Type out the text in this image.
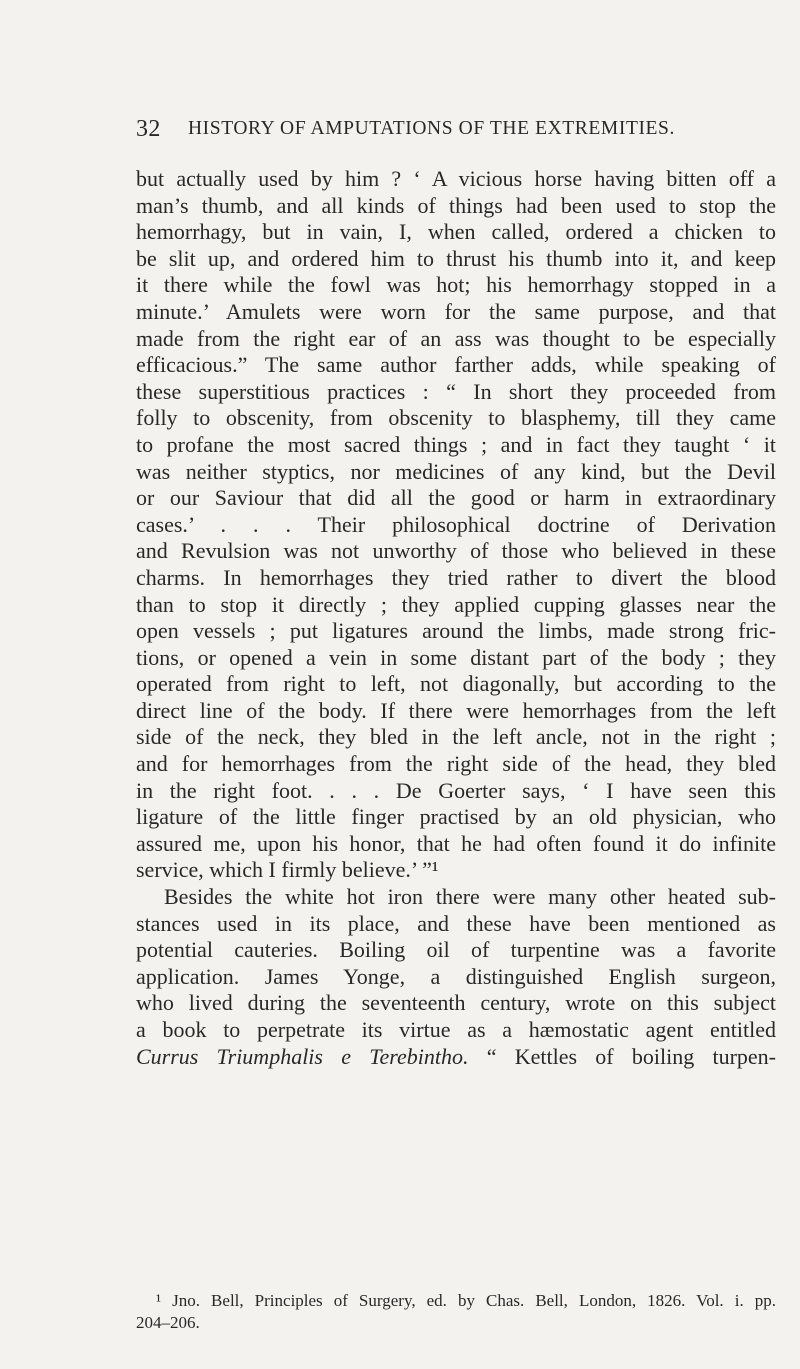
32 HISTORY OF AMPUTATIONS OF THE EXTREMITIES.
but actually used by him ? ‘ A vicious horse having bitten off a
man’s thumb, and all kinds of things had been used to stop the
hemorrhagy, but in vain, I, when called, ordered a chicken to
be slit up, and ordered him to thrust his thumb into it, and keep
it there while the fowl was hot; his hemorrhagy stopped in a
minute.’ Amulets were worn for the same purpose, and that
made from the right ear of an ass was thought to be especially
efficacious.” The same author farther adds, while speaking of
these superstitious practices : “ In short they proceeded from
folly to obscenity, from obscenity to blasphemy, till they came
to profane the most sacred things ; and in fact they taught ‘ it
was neither styptics, nor medicines of any kind, but the Devil
or our Saviour that did all the good or harm in extraordinary
cases.’ . . . Their philosophical doctrine of Derivation
and Revulsion was not unworthy of those who believed in these
charms. In hemorrhages they tried rather to divert the blood
than to stop it directly ; they applied cupping glasses near the
open vessels ; put ligatures around the limbs, made strong fric-
tions, or opened a vein in some distant part of the body ; they
operated from right to left, not diagonally, but according to the
direct line of the body. If there were hemorrhages from the left
side of the neck, they bled in the left ancle, not in the right ;
and for hemorrhages from the right side of the head, they bled
in the right foot. . . . De Goerter says, ‘ I have seen this
ligature of the little finger practised by an old physician, who
assured me, upon his honor, that he had often found it do infinite
service, which I firmly believe.’ ”¹
Besides the white hot iron there were many other heated sub-
stances used in its place, and these have been mentioned as
potential cauteries. Boiling oil of turpentine was a favorite
application. James Yonge, a distinguished English surgeon,
who lived during the seventeenth century, wrote on this subject
a book to perpetrate its virtue as a hæmostatic agent entitled
Currus Triumphalis e Terebintho. “ Kettles of boiling turpen-
¹ Jno. Bell, Principles of Surgery, ed. by Chas. Bell, London, 1826. Vol. i. pp.
204–206.
